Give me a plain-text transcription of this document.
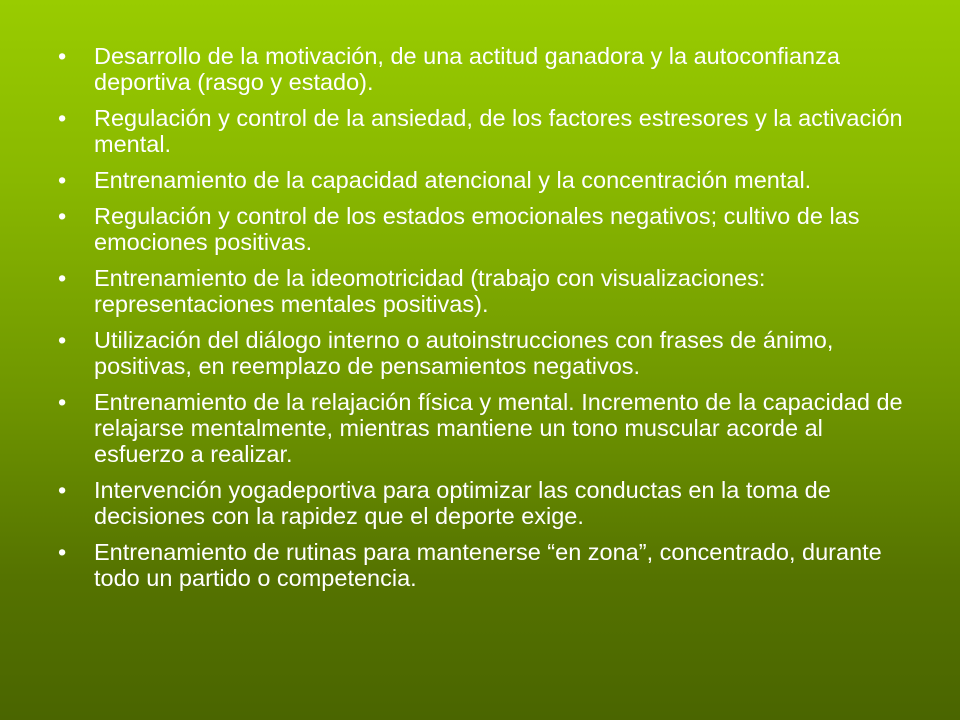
• Desarrollo de la motivación, de una actitud ganadora y la autoconfianza deportiva (rasgo y estado).
• Regulación y control de la ansiedad, de los factores estresores y la activación mental.
• Entrenamiento de la capacidad atencional y la concentración mental.
• Regulación y control de los estados emocionales negativos; cultivo de las emociones positivas.
• Entrenamiento de la ideomotricidad (trabajo con visualizaciones: representaciones mentales positivas).
• Utilización del diálogo interno o autoinstrucciones con frases de ánimo, positivas, en reemplazo de pensamientos negativos.
• Entrenamiento de la relajación física y mental. Incremento de la capacidad de relajarse mentalmente, mientras mantiene un tono muscular acorde al esfuerzo a realizar.
• Intervención yogadeportiva para optimizar las conductas en la toma de decisiones con la rapidez que el deporte exige.
• Entrenamiento de rutinas para mantenerse “en zona”, concentrado, durante todo un partido o competencia.
